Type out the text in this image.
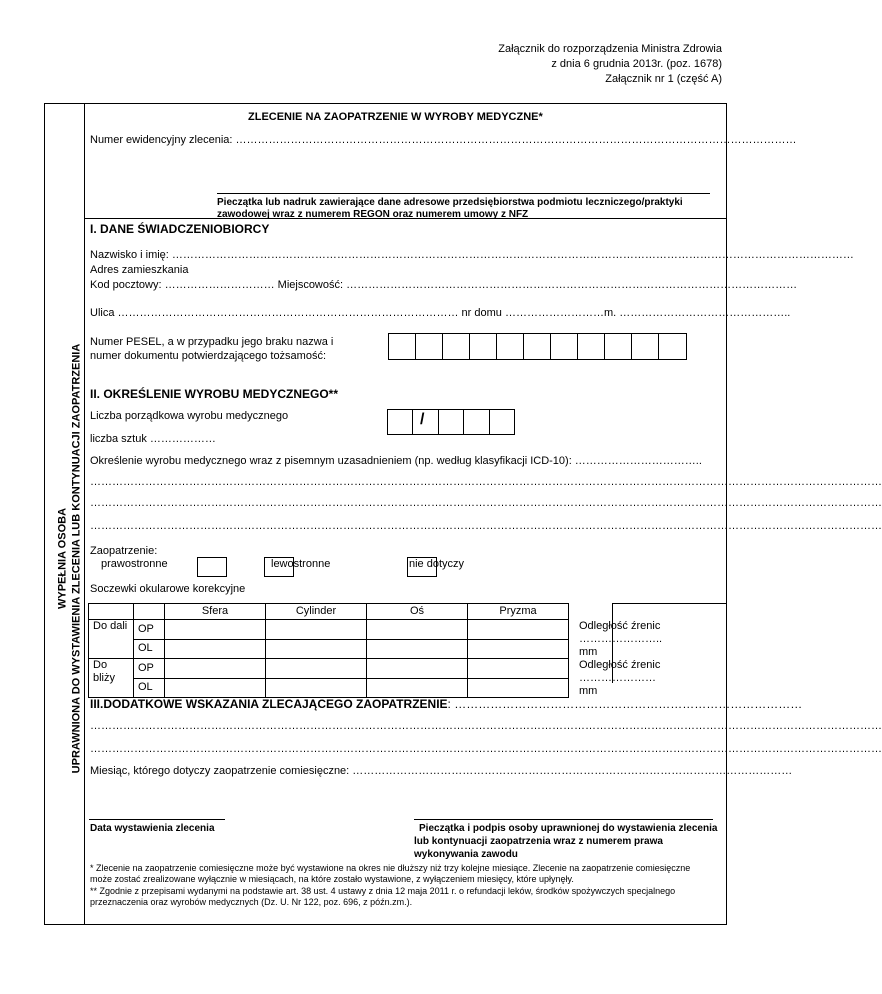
Załącznik do rozporządzenia Ministra Zdrowia
z dnia 6 grudnia 2013r. (poz. 1678)
Załącznik nr 1 (część A)
WYPEŁNIA OSOBA UPRAWNIONA DO WYSTAWIENIA ZLECENIA LUB KONTYNUACJI ZAOPATRZENIA
ZLECENIE NA ZAOPATRZENIE W WYROBY MEDYCZNE*
Numer ewidencyjny zlecenia: ………………………………………………………………………………………………………………………………………
Pieczątka lub nadruk zawierające dane adresowe przedsiębiorstwa podmiotu leczniczego/praktyki
zawodowej wraz z numerem REGON oraz numerem umowy z NFZ
I. DANE ŚWIADCZENIOBIORCY
Nazwisko i imię: ……………………………………………………………………………………………………………………………………………………………………
Adres zamieszkania
Kod pocztowy: ………………………… Miejscowość: ……………………………………………………………………………………………………………
Ulica ………………………………………………………………………………… nr domu ………………………m. ………………………………………..
Numer PESEL, a w przypadku jego braku nazwa i
numer dokumentu potwierdzającego tożsamość:
II. OKREŚLENIE WYROBU MEDYCZNEGO**
Liczba porządkowa wyrobu medycznego	/
liczba sztuk ………………
Określenie wyrobu medycznego wraz z pisemnym uzasadnieniem (np. według klasyfikacji ICD-10): ……………………………..
………………………………………………………………………………………………………………………………………………………………………………………………
………………………………………………………………………………………………………………………………………………………………………………………………
………………………………………………………………………………………………………………………………………………………………………………………………
Zaopatrzenie:
prawostronne	lewostronne	nie dotyczy
Soczewki okularowe korekcyjne
		Sfera	Cylinder	Oś	Pryzma	
Do dali	OP					Odległość źrenic
………………….. mm

	OL					
Do bliży	OP					Odległość źrenic
………………… mm

	OL					
III.DODATKOWE WSKAZANIA ZLECAJĄCEGO ZAOPATRZENIE: ……………………………………………………………………………
………………………………………………………………………………………………………………………………………………………………………………………………
………………………………………………………………………………………………………………………………………………………………………………………………
Miesiąc, którego dotyczy zaopatrzenie comiesięczne: …………………………………………………………………………………………………………
Data wystawienia zlecenia	Pieczątka i podpis osoby uprawnionej do wystawienia zlecenia
lub kontynuacji zaopatrzenia wraz z numerem prawa
wykonywania zawodu
* Zlecenie na zaopatrzenie comiesięczne może być wystawione na okres nie dłuższy niż trzy kolejne miesiące. Zlecenie na zaopatrzenie comiesięczne
może zostać zrealizowane wyłącznie w miesiącach, na które zostało wystawione, z wyłączeniem miesięcy, które upłynęły.
** Zgodnie z przepisami wydanymi na podstawie art. 38 ust. 4 ustawy z dnia 12 maja 2011 r. o refundacji leków, środków spożywczych specjalnego
przeznaczenia oraz wyrobów medycznych (Dz. U. Nr 122, poz. 696, z późn.zm.).
